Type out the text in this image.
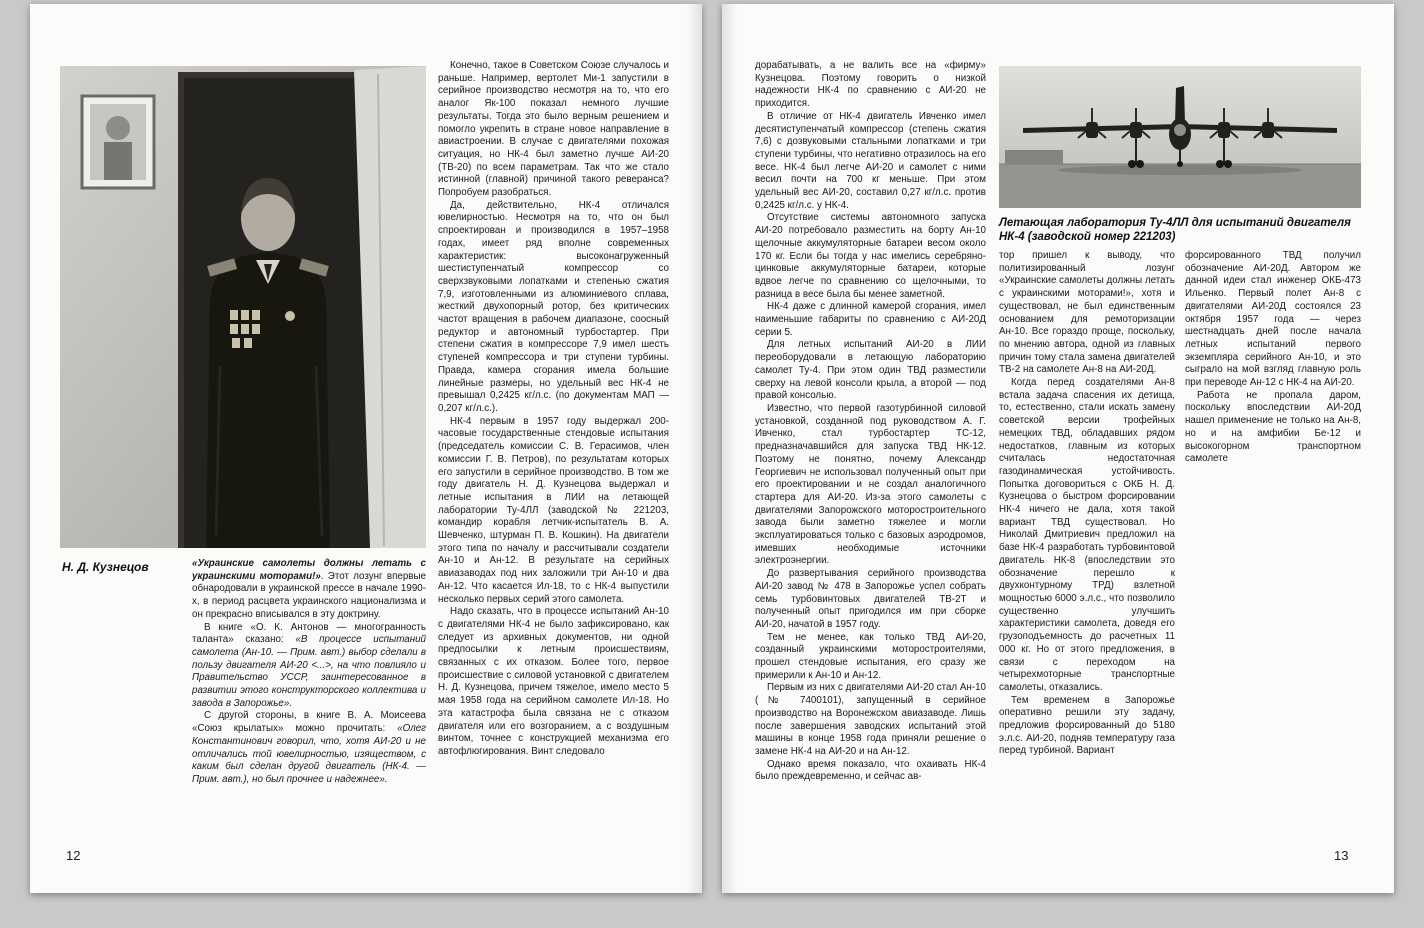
Н. Д. Кузнецов	«Украинские самолеты должны летать с украинскими моторами!». Этот лозунг впервые обнародовали в украинской прессе в начале 1990-х, в период расцвета украинского национализма и он прекрасно вписывался в эту доктрину.

В книге «О. К. Антонов — многогранность таланта» сказано: «В процессе испытаний самолета (Ан-10. — Прим. авт.) выбор сделали в пользу двигателя АИ-20 <...>, на что повлияло и Правительство УССР, заинтересованное в развитии этого конструкторского коллектива и завода в Запорожье».

С другой стороны, в книге В. А. Моисеева «Союз крылатых» можно прочитать: «Олег Константинович говорил, что, хотя АИ-20 и не отличались той ювелирностью, изяществом, с каким был сделан другой двигатель (НК-4. — Прим. авт.), но был прочнее и надежнее».

Конечно, такое в Советском Союзе случалось и раньше. Например, вертолет Ми-1 запустили в серийное производство несмотря на то, что его аналог Як-100 показал немного лучшие результаты. Тогда это было верным решением и помогло укрепить в стране новое направление в авиастроении. В случае с двигателями похожая ситуация, но НК-4 был заметно лучше АИ-20 (ТВ-20) по всем параметрам. Так что же стало истинной (главной) причиной такого реверанса? Попробуем разобраться.

Да, действительно, НК-4 отличался ювелирностью. Несмотря на то, что он был спроектирован и производился в 1957–1958 годах, имеет ряд вполне современных характеристик: высоконагруженный шестиступенчатый компрессор со сверхзвуковыми лопатками и степенью сжатия 7,9, изготовленными из алюминиевого сплава, жесткий двухопорный ротор, без критических частот вращения в рабочем диапазоне, соосный редуктор и автономный турбостартер. При степени сжатия в компрессоре 7,9 имел шесть ступеней компрессора и три ступени турбины. Правда, камера сгорания имела большие линейные размеры, но удельный вес НК-4 не превышал 0,2425 кг/л.с. (по документам МАП — 0,207 кг/л.с.).

НК-4 первым в 1957 году выдержал 200-часовые государственные стендовые испытания (председатель комиссии С. В. Герасимов, член комиссии Г. В. Петров), по результатам которых его запустили в серийное производство. В том же году двигатель Н. Д. Кузнецова выдержал и летные испытания в ЛИИ на летающей лаборатории Ту-4ЛЛ (заводской № 221203, командир корабля летчик-испытатель В. А. Шевченко, штурман П. В. Кошкин). На двигатели этого типа по началу и рассчитывали создатели Ан-10 и Ан-12. В результате на серийных авиазаводах под них заложили три Ан-10 и два Ан-12. Что касается Ил-18, то с НК-4 выпустили несколько первых серий этого самолета.

Надо сказать, что в процессе испытаний Ан-10 с двигателями НК-4 не было зафиксировано, как следует из архивных документов, ни одной предпосылки к летным происшествиям, связанных с их отказом. Более того, первое происшествие с силовой установкой с двигателем Н. Д. Кузнецова, причем тяжелое, имело место 5 мая 1958 года на серийном самолете Ил-18. Но эта катастрофа была связана не с отказом двигателя или его возгоранием, а с воздушным винтом, точнее с конструкцией механизма его автофлюгирования. Винт следовало

12

дорабатывать, а не валить все на «фирму» Кузнецова. Поэтому говорить о низкой надежности НК-4 по сравнению с АИ-20 не приходится.

В отличие от НК-4 двигатель Ивченко имел десятиступенчатый компрессор (степень сжатия 7,6) с дозвуковыми стальными лопатками и три ступени турбины, что негативно отразилось на его весе. НК-4 был легче АИ-20 и самолет с ними весил почти на 700 кг меньше. При этом удельный вес АИ-20, составил 0,27 кг/л.с. против 0,2425 кг/л.с. у НК-4.

Отсутствие системы автономного запуска АИ-20 потребовало разместить на борту Ан-10 щелочные аккумуляторные батареи весом около 170 кг. Если бы тогда у нас имелись серебряно-цинковые аккумуляторные батареи, которые вдвое легче по сравнению со щелочными, то разница в весе была бы менее заметной.

НК-4 даже с длинной камерой сгорания, имел наименьшие габариты по сравнению с АИ-20Д серии 5.

Для летных испытаний АИ-20 в ЛИИ переоборудовали в летающую лабораторию самолет Ту-4. При этом один ТВД разместили сверху на левой консоли крыла, а второй — под правой консолью.

Известно, что первой газотурбинной силовой установкой, созданной под руководством А. Г. Ивченко, стал турбостартер ТС-12, предназначавшийся для запуска ТВД НК-12. Поэтому не понятно, почему Александр Георгиевич не использовал полученный опыт при его проектировании и не создал аналогичного стартера для АИ-20. Из-за этого самолеты с двигателями Запорожского моторостроительного завода были заметно тяжелее и могли эксплуатироваться только с базовых аэродромов, имевших необходимые источники электроэнергии.

До развертывания серийного производства АИ-20 завод № 478 в Запорожье успел собрать семь турбовинтовых двигателей ТВ-2Т и полученный опыт пригодился им при сборке АИ-20, начатой в 1957 году.

Тем не менее, как только ТВД АИ-20, созданный украинскими моторостроителями, прошел стендовые испытания, его сразу же примерили к Ан-10 и Ан-12.

Первым из них с двигателями АИ-20 стал Ан-10 (№ 7400101), запущенный в серийное производство на Воронежском авиазаводе. Лишь после завершения заводских испытаний этой машины в конце 1958 года приняли решение о замене НК-4 на АИ-20 и на Ан-12.

Однако время показало, что охаивать НК-4 было преждевременно, и сейчас ав-

Летающая лаборатория Ту-4ЛЛ для испытаний двигателя НК-4 (заводской номер 221203)

тор пришел к выводу, что политизированный лозунг «Украинские самолеты должны летать с украинскими моторами!», хотя и существовал, не был единственным основанием для ремоторизации Ан-10. Все гораздо проще, поскольку, по мнению автора, одной из главных причин тому стала замена двигателей ТВ-2 на самолете Ан-8 на АИ-20Д.

Когда перед создателями Ан-8 встала задача спасения их детища, то, естественно, стали искать замену советской версии трофейных немецких ТВД, обладавших рядом недостатков, главным из которых считалась недостаточная газодинамическая устойчивость. Попытка договориться с ОКБ Н. Д. Кузнецова о быстром форсировании НК-4 ничего не дала, хотя такой вариант ТВД существовал. Но Николай Дмитриевич предложил на базе НК-4 разработать турбовинтовой двигатель НК-8 (впоследствии это обозначение перешло к двухконтурному ТРД) взлетной мощностью 6000 э.л.с., что позволило существенно улучшить характеристики самолета, доведя его грузоподъемность до расчетных 11 000 кг. Но от этого предложения, в связи с переходом на четырехмоторные транспортные самолеты, отказались.

Тем временем в Запорожье оперативно решили эту задачу, предложив форсированный до 5180 э.л.с. АИ-20, подняв температуру газа перед турбиной. Вариант

форсированного ТВД получил обозначение АИ-20Д. Автором же данной идеи стал инженер ОКБ-473 Ильенко. Первый полет Ан-8 с двигателями АИ-20Д состоялся 23 октября 1957 года — через шестнадцать дней после начала летных испытаний первого экземпляра серийного Ан-10, и это сыграло на мой взгляд главную роль при переводе Ан-12 с НК-4 на АИ-20.

Работа не пропала даром, поскольку впоследствии АИ-20Д нашел применение не только на Ан-8, но и на амфибии Бе-12 и высокогорном транспортном самолете

13
